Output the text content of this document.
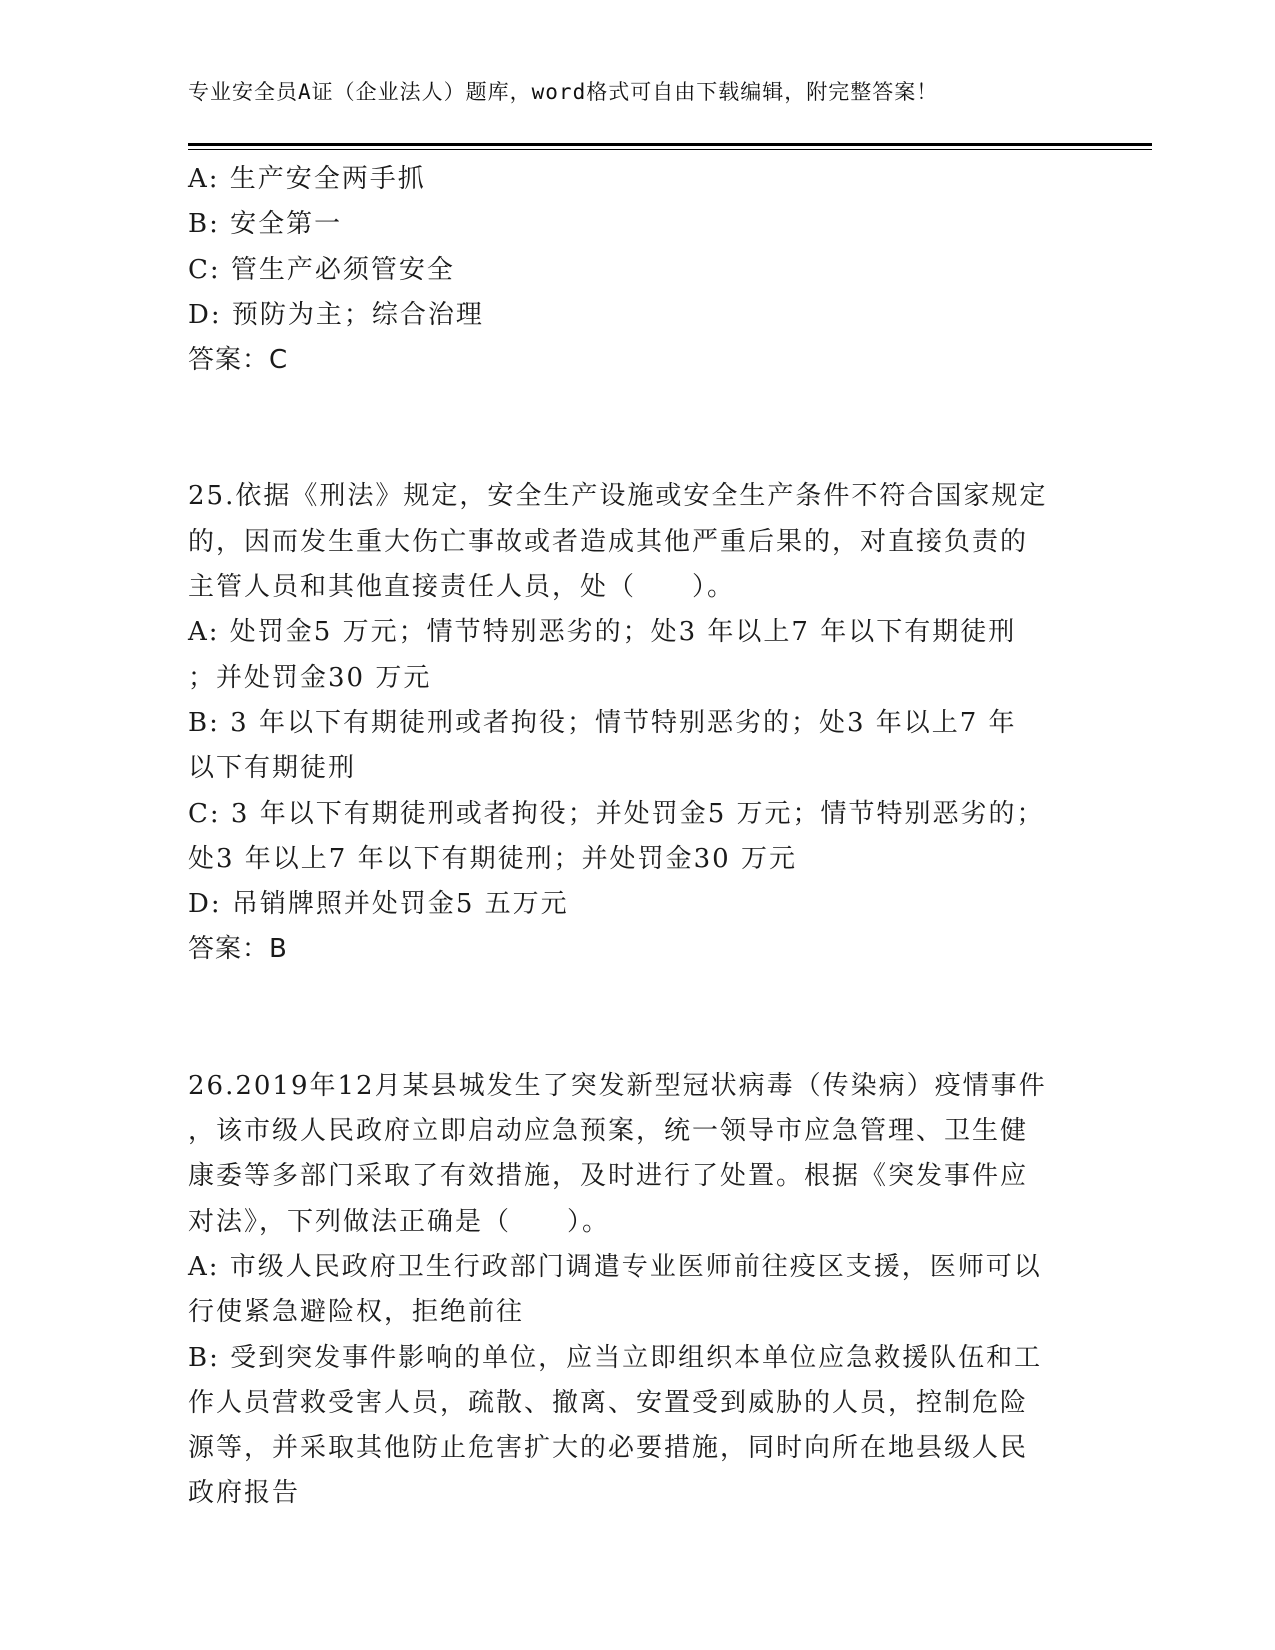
专业安全员A证（企业法人）题库，word格式可自由下载编辑，附完整答案！
A: 生产安全两手抓
B: 安全第一
C: 管生产必须管安全
D: 预防为主；综合治理
答案：C
25.依据《刑法》规定，安全生产设施或安全生产条件不符合国家规定
的，因而发生重大伤亡事故或者造成其他严重后果的，对直接负责的
主管人员和其他直接责任人员，处（　　）。
A: 处罚金5 万元；情节特别恶劣的；处3 年以上7 年以下有期徒刑
；并处罚金30 万元
B: 3 年以下有期徒刑或者拘役；情节特别恶劣的；处3 年以上7 年
以下有期徒刑
C: 3 年以下有期徒刑或者拘役；并处罚金5 万元；情节特别恶劣的；
处3 年以上7 年以下有期徒刑；并处罚金30 万元
D: 吊销牌照并处罚金5 五万元
答案：B
26.2019年12月某县城发生了突发新型冠状病毒（传染病）疫情事件
，该市级人民政府立即启动应急预案，统一领导市应急管理、卫生健
康委等多部门采取了有效措施，及时进行了处置。根据《突发事件应
对法》，下列做法正确是（　　）。
A: 市级人民政府卫生行政部门调遣专业医师前往疫区支援，医师可以
行使紧急避险权，拒绝前往
B: 受到突发事件影响的单位，应当立即组织本单位应急救援队伍和工
作人员营救受害人员，疏散、撤离、安置受到威胁的人员，控制危险
源等，并采取其他防止危害扩大的必要措施，同时向所在地县级人民
政府报告
